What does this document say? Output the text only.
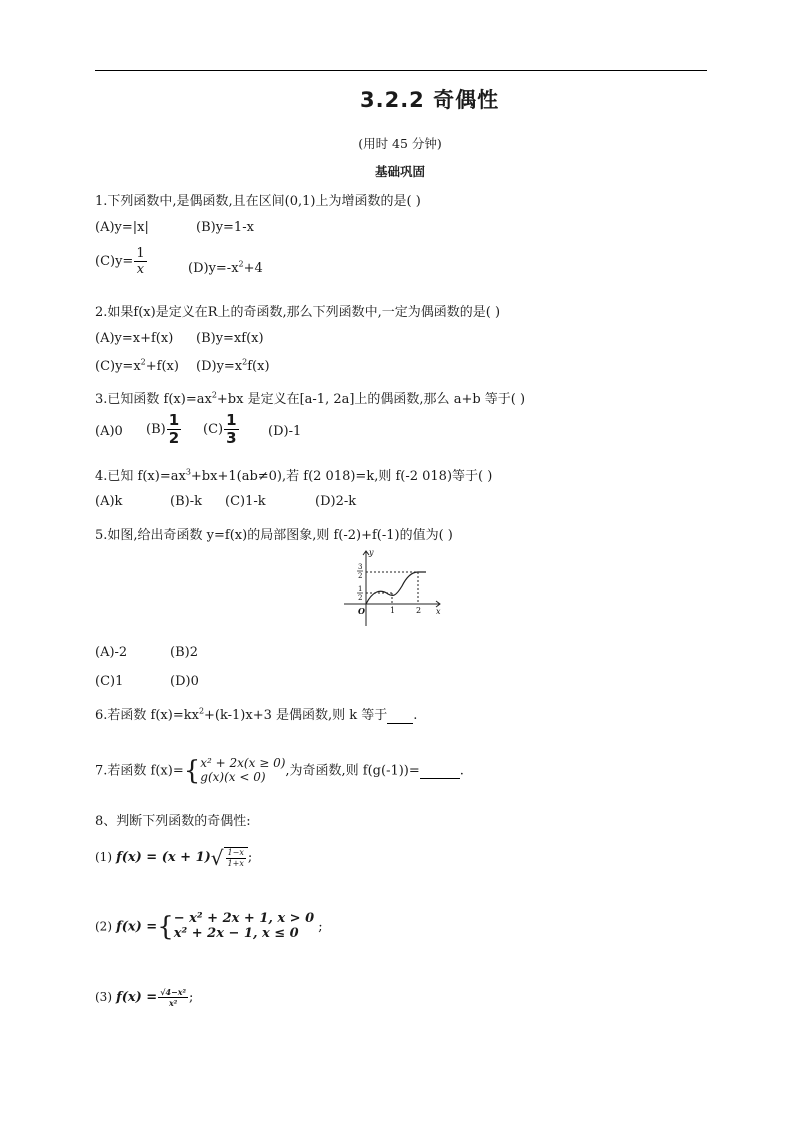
3.2.2 奇偶性
(用时 45 分钟)
基础巩固
1.下列函数中,是偶函数,且在区间(0,1)上为增函数的是( )
(A)y=|x|	(B)y=1-x
$(C)y= \frac{1}{x}$	$(D)y=-x^2+4$
2.如果f(x)是定义在R上的奇函数,那么下列函数中,一定为偶函数的是( )
(A)y=x+f(x) (B)y=xf(x)
$(C)y=x^2+f(x)$ $(D)y=x^2f(x)$
3.已知函数 $f(x)=ax^2+bx$ 是定义在[a-1, 2a]上的偶函数,那么 a+b 等于( )
(A)0 $(B) \frac{1}{2} (C) \frac{1}{3} (D)-1$
4.已知 $f(x)=ax^3+bx+1(ab\ne 0)$,若 f(2 018)=k,则 f(-2 018)等于( )
(A)k	(B)-k (C)1-k	(D)2-k
5.如图,给出奇函数 y=f(x)的局部图象,则 f(-2)+f(-1)的值为( )
y
x
O	1	2
3
2
1
2
(A)-2	(B)2
(C)1	(D)0
6.若函数 $f(x)=kx^2+(k-1)x+3$ 是偶函数,则 k 等于 .
7.若函数 f(x)={ x² + 2x(x ≥ 0)
g(x)(x < 0)	,为奇函数,则 f(g(-1))=	.
8、判断下列函数的奇偶性:
(1) f(x) = (x + 1) √ $\frac{1-x}{1+x}$ ;
(2) f(x) ={ − x² + 2x + 1, x > 0
x² + 2x − 1, x ≤ 0	;
(3) $f(x) = \frac{\text{√4−x²}}{\text{x²}}$ ;
